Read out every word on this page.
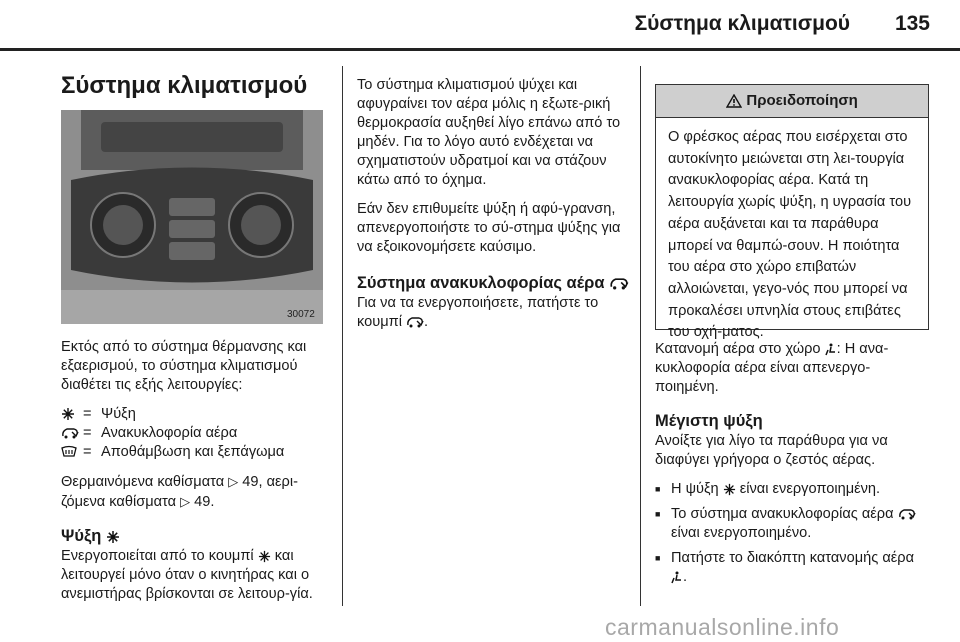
Σύστημα κλιματισμού	135
Σύστημα κλιματισμού
30072

Εκτός από το σύστημα θέρμανσης και εξαερισμού, το σύστημα κλιματισμού διαθέτει τις εξής λειτουργίες:

= Ψύξη
= Ανακυκλοφορία αέρα
= Αποθάμβωση και ξεπάγωμα

Θερμαινόμενα καθίσματα ▷ 49, αερι-
ζόμενα καθίσματα ▷ 49.

Ψύξη

Ενεργοποιείται από το κουμπί και λειτουργεί μόνο όταν ο κινητήρας και ο ανεμιστήρας βρίσκονται σε λειτουρ-γία.

Το σύστημα κλιματισμού ψύχει και αφυγραίνει τον αέρα μόλις η εξωτε-ρική θερμοκρασία αυξηθεί λίγο επάνω από το μηδέν. Για το λόγο αυτό ενδέχεται να σχηματιστούν υδρατμοί και να στάζουν κάτω από το όχημα.

Εάν δεν επιθυμείτε ψύξη ή αφύ-γρανση, απενεργοποιήστε το σύ-στημα ψύξης για να εξοικονομήσετε καύσιμο.

Σύστημα ανακυκλοφορίας αέρα

Για να τα ενεργοποιήσετε, πατήστε το κουμπί .

Προειδοποίηση
Ο φρέσκος αέρας που εισέρχεται στο αυτοκίνητο μειώνεται στη λει-τουργία ανακυκλοφορίας αέρα. Κατά τη λειτουργία χωρίς ψύξη, η υγρασία του αέρα αυξάνεται και τα παράθυρα μπορεί να θαμπώ-σουν. Η ποιότητα του αέρα στο χώρο επιβατών αλλοιώνεται, γεγο-νός που μπορεί να προκαλέσει υπνηλία στους επιβάτες του οχή-ματος.

Κατανομή αέρα στο χώρο : Η ανα-κυκλοφορία αέρα είναι απενεργο-ποιημένη.

Μέγιστη ψύξη

Ανοίξτε για λίγο τα παράθυρα για να διαφύγει γρήγορα ο ζεστός αέρας.

■ Η ψύξη είναι ενεργοποιημένη.
■ Το σύστημα ανακυκλοφορίας αέρα  είναι ενεργοποιημένο.
■ Πατήστε το διακόπτη κατανομής αέρα .
carmanualsonline.info
